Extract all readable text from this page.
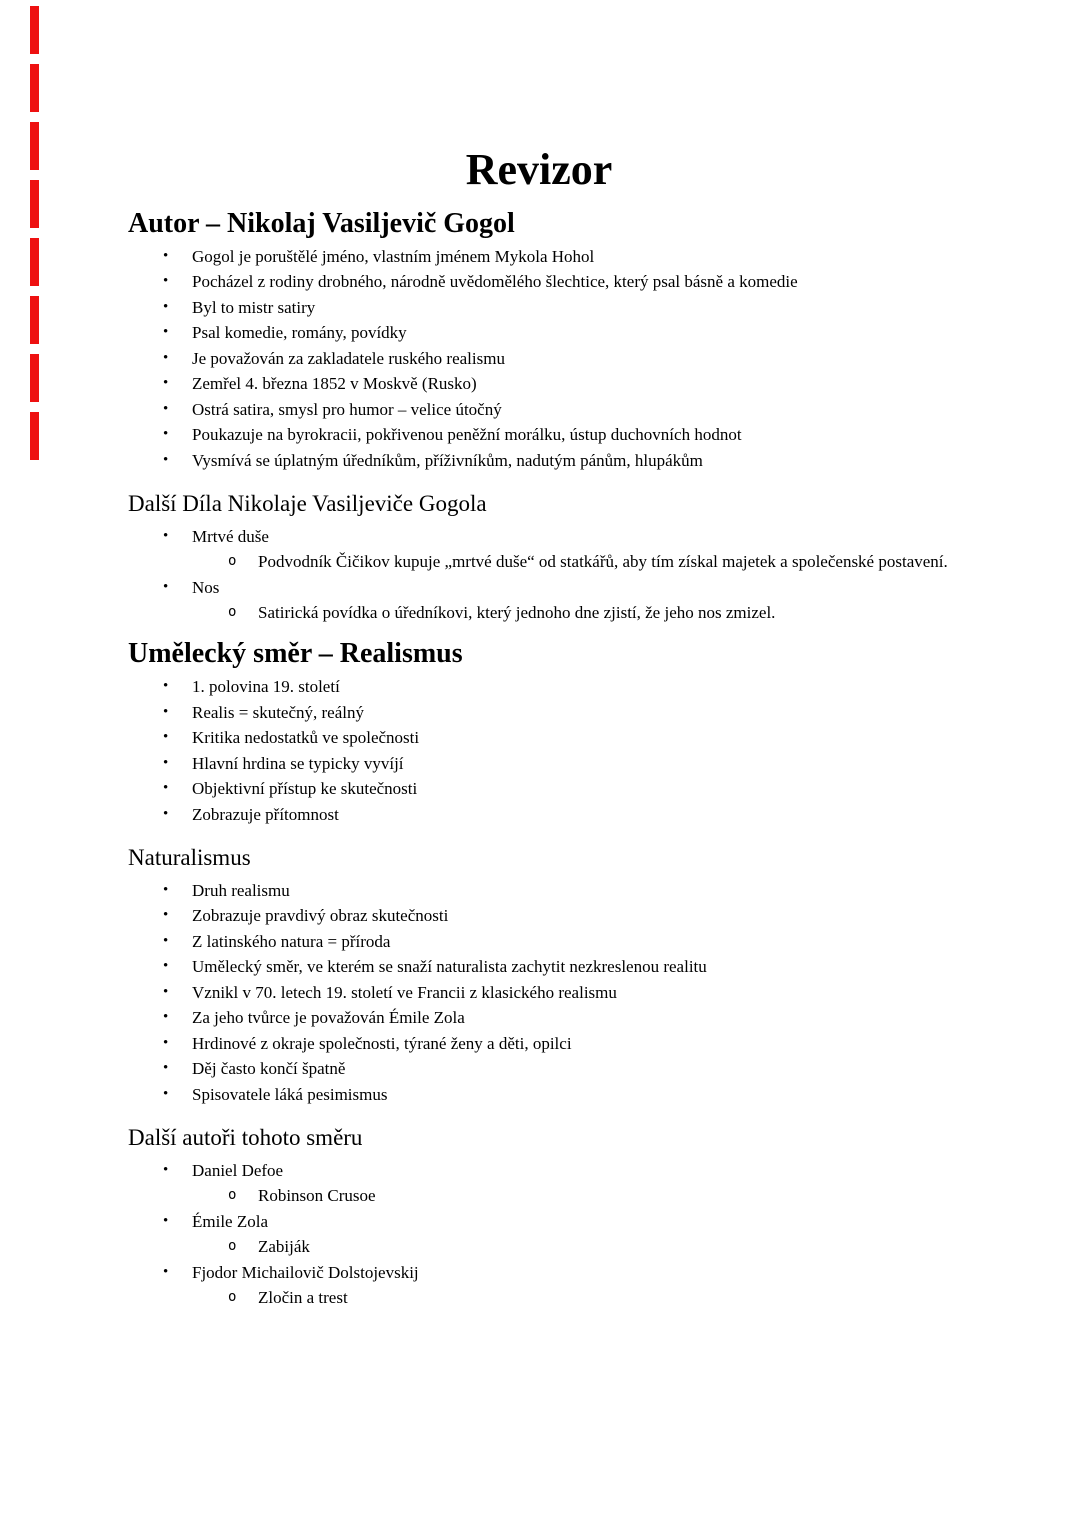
Revizor
Autor – Nikolaj Vasiljevič Gogol
•	Gogol je poruštělé jméno, vlastním jménem Mykola Hohol
•	Pocházel z rodiny drobného, národně uvědomělého šlechtice, který psal básně a komedie
•	Byl to mistr satiry
•	Psal komedie, romány, povídky
•	Je považován za zakladatele ruského realismu
•	Zemřel 4. března 1852 v Moskvě (Rusko)
•	Ostrá satira, smysl pro humor – velice útočný
•	Poukazuje na byrokracii, pokřivenou peněžní morálku, ústup duchovních hodnot
•	Vysmívá se úplatným úředníkům, příživníkům, nadutým pánům, hlupákům
Další Díla Nikolaje Vasiljeviče Gogola
•	Mrtvé duše
o	Podvodník Čičikov kupuje „mrtvé duše“ od statkářů, aby tím získal majetek a společenské postavení.
•	Nos
o	Satirická povídka o úředníkovi, který jednoho dne zjistí, že jeho nos zmizel.
Umělecký směr – Realismus
•	1. polovina 19. století
•	Realis = skutečný, reálný
•	Kritika nedostatků ve společnosti
•	Hlavní hrdina se typicky vyvíjí
•	Objektivní přístup ke skutečnosti
•	Zobrazuje přítomnost
Naturalismus
•	Druh realismu
•	Zobrazuje pravdivý obraz skutečnosti
•	Z latinského natura = příroda
•	Umělecký směr, ve kterém se snaží naturalista zachytit nezkreslenou realitu
•	Vznikl v 70. letech 19. století ve Francii z klasického realismu
•	Za jeho tvůrce je považován Émile Zola
•	Hrdinové z okraje společnosti, týrané ženy a děti, opilci
•	Děj často končí špatně
•	Spisovatele láká pesimismus
Další autoři tohoto směru
•	Daniel Defoe
o	Robinson Crusoe
•	Émile Zola
o	Zabiják
•	Fjodor Michailovič Dolstojevskij
o	Zločin a trest
